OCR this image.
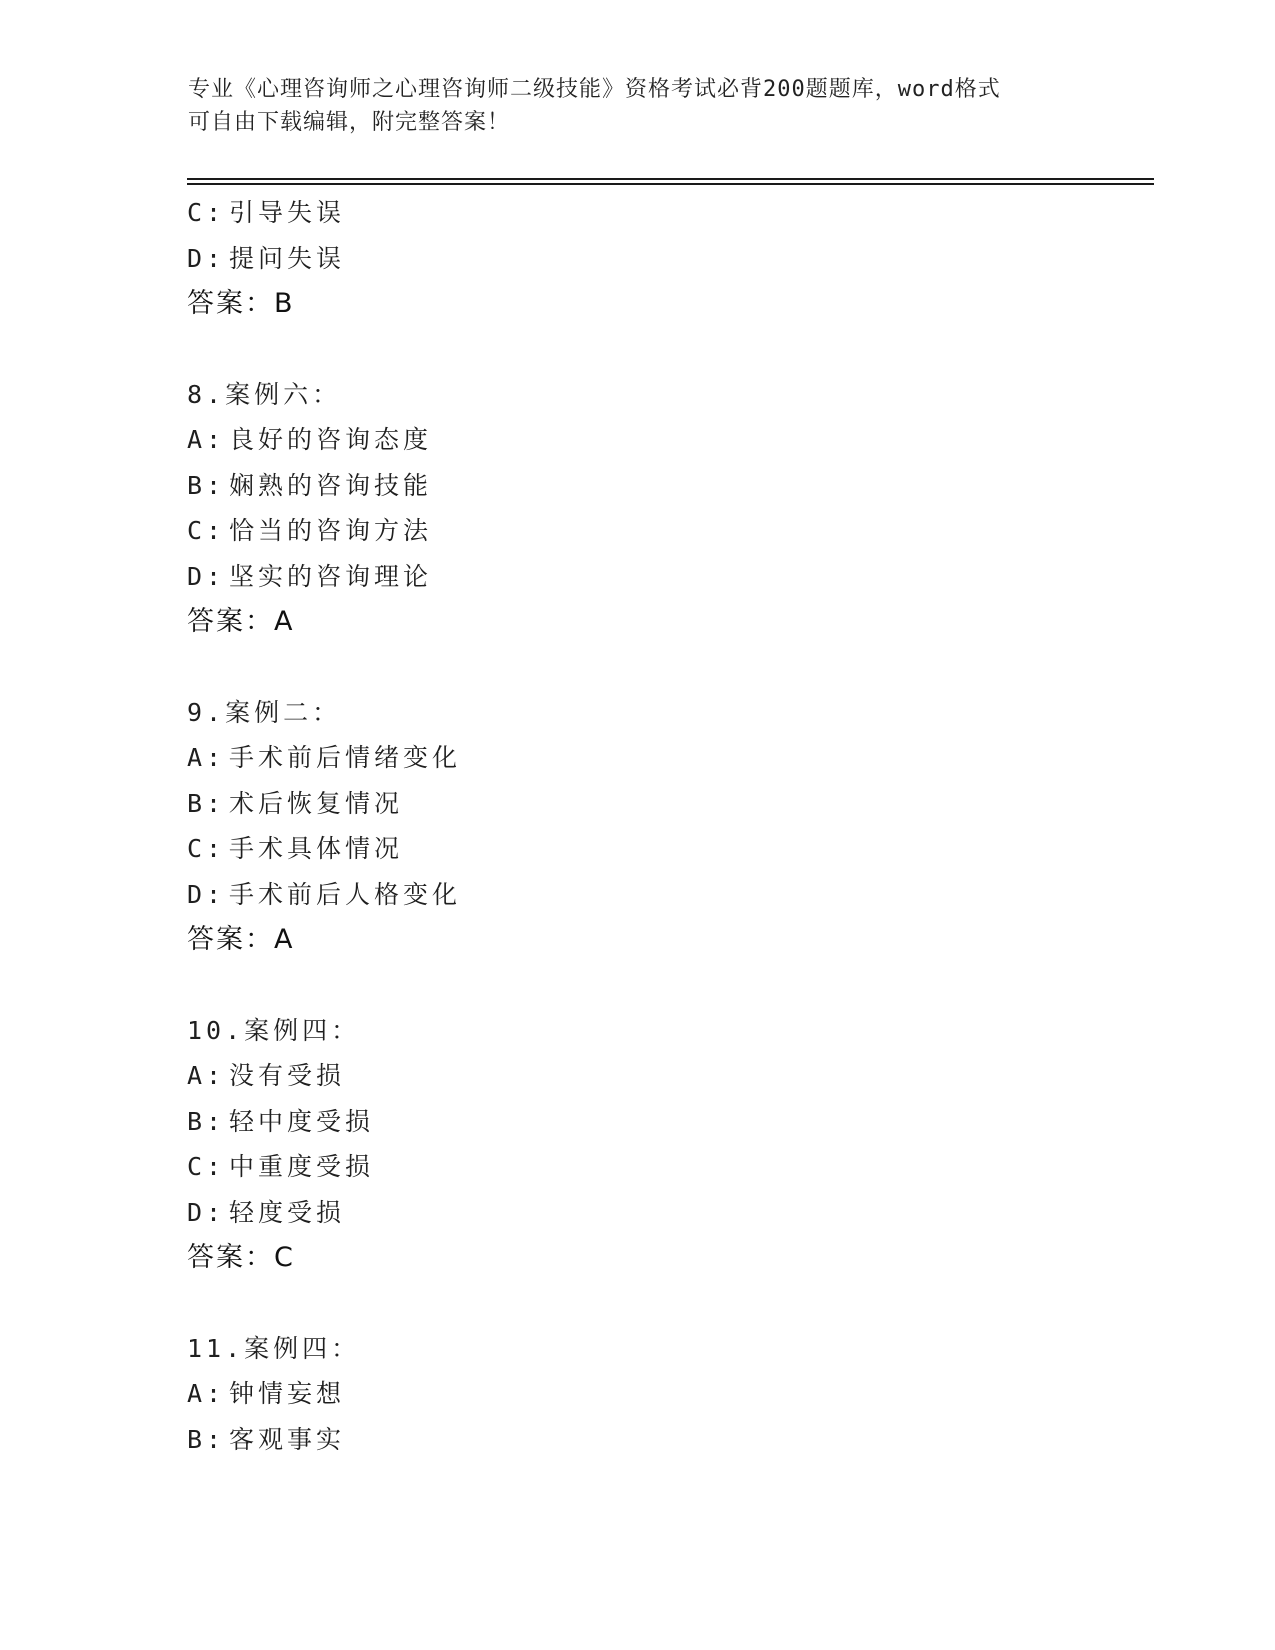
专业《心理咨询师之心理咨询师二级技能》资格考试必背200题题库，word格式
可自由下载编辑，附完整答案！
C: 引导失误
D: 提问失误
答案：B
8.案例六：
A: 良好的咨询态度
B: 娴熟的咨询技能
C: 恰当的咨询方法
D: 坚实的咨询理论
答案：A
9.案例二：
A: 手术前后情绪变化
B: 术后恢复情况
C: 手术具体情况
D: 手术前后人格变化
答案：A
10.案例四：
A: 没有受损
B: 轻中度受损
C: 中重度受损
D: 轻度受损
答案：C
11.案例四：
A: 钟情妄想
B: 客观事实
